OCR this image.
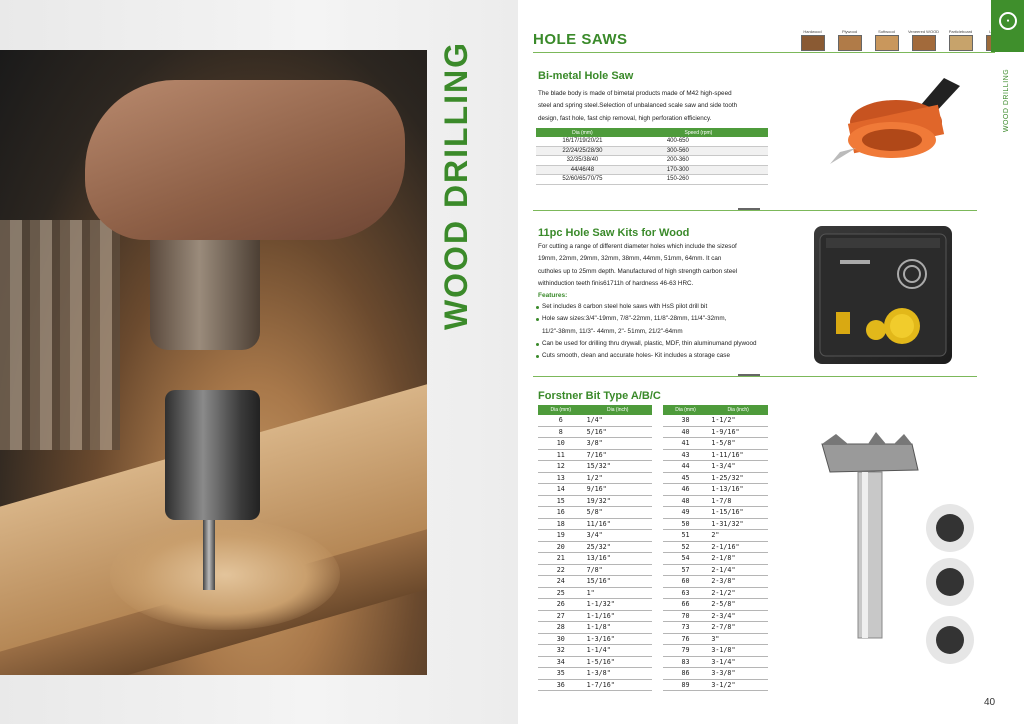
WOOD DRILLING
HOLE SAWS	Hardwood	Plywood	Softwood	Veneered WOOD Particleboard
●
WOOD DRILLING
Bi-metal Hole Saw
The blade body is made of bimetal products made of M42 high-speed
steel and spring steel.Selection of unbalanced scale saw and side tooth
design, fast hole, fast chip removal, high perforation efficiency.
Dia (mm)	Speed (rpm)
16/17/19/20/21	400-650
22/24/25/28/30	300-560
32/35/38/40	200-360
44/46/48	170-300
52/60/65/70/75	150-260
11pc Hole Saw Kits for Wood
For cutting a range of different diameter holes which include the sizesof
19mm, 22mm, 29mm, 32mm, 38mm, 44mm, 51mm, 64mm. It can
cutholes up to 25mm depth. Manufactured of high strength carbon steel
withinduction teeth finis61711h of hardness 46-63 HRC.
Features:
Set includes 8 carbon steel hole saws with HsS pilot drill bit
Hole saw sizes:3/4"-19mm, 7/8"-22mm, 11/8"-28mm, 11/4"-32mm,
11/2"-38mm, 11/3"- 44mm, 2"- 51mm, 21/2"-64mm
Can be used for drilling thru drywall, plastic, MDF, thin aluminumand plywood
Cuts smooth, clean and accurate holes- Kit includes a storage case
Forstner Bit Type A/B/C
Dia (mm)	Dia (inch)		Dia (mm)	Dia (inch)
6	1/4"		38	1-1/2"
8	5/16"		40	1-9/16"
10	3/8"		41	1-5/8"
11	7/16"		43	1-11/16"
12	15/32"		44	1-3/4"
13	1/2"		45	1-25/32"
14	9/16"		46	1-13/16"
15	19/32"		48	1-7/8
16	5/8"		49	1-15/16"
18	11/16"		50	1-31/32"
19	3/4"		51	2"
20	25/32"		52	2-1/16"
21	13/16"		54	2-1/8"
22	7/8"		57	2-1/4"
24	15/16"		60	2-3/8"
25	1"		63	2-1/2"
26	1-1/32"		66	2-5/8"
27	1-1/16"		70	2-3/4"
28	1-1/8"		73	2-7/8"
30	1-3/16"		76	3"
32	1-1/4"		79	3-1/8"
34	1-5/16"		83	3-1/4"
35	1-3/8"		86	3-3/8"
36	1-7/16"		89	3-1/2"
40
